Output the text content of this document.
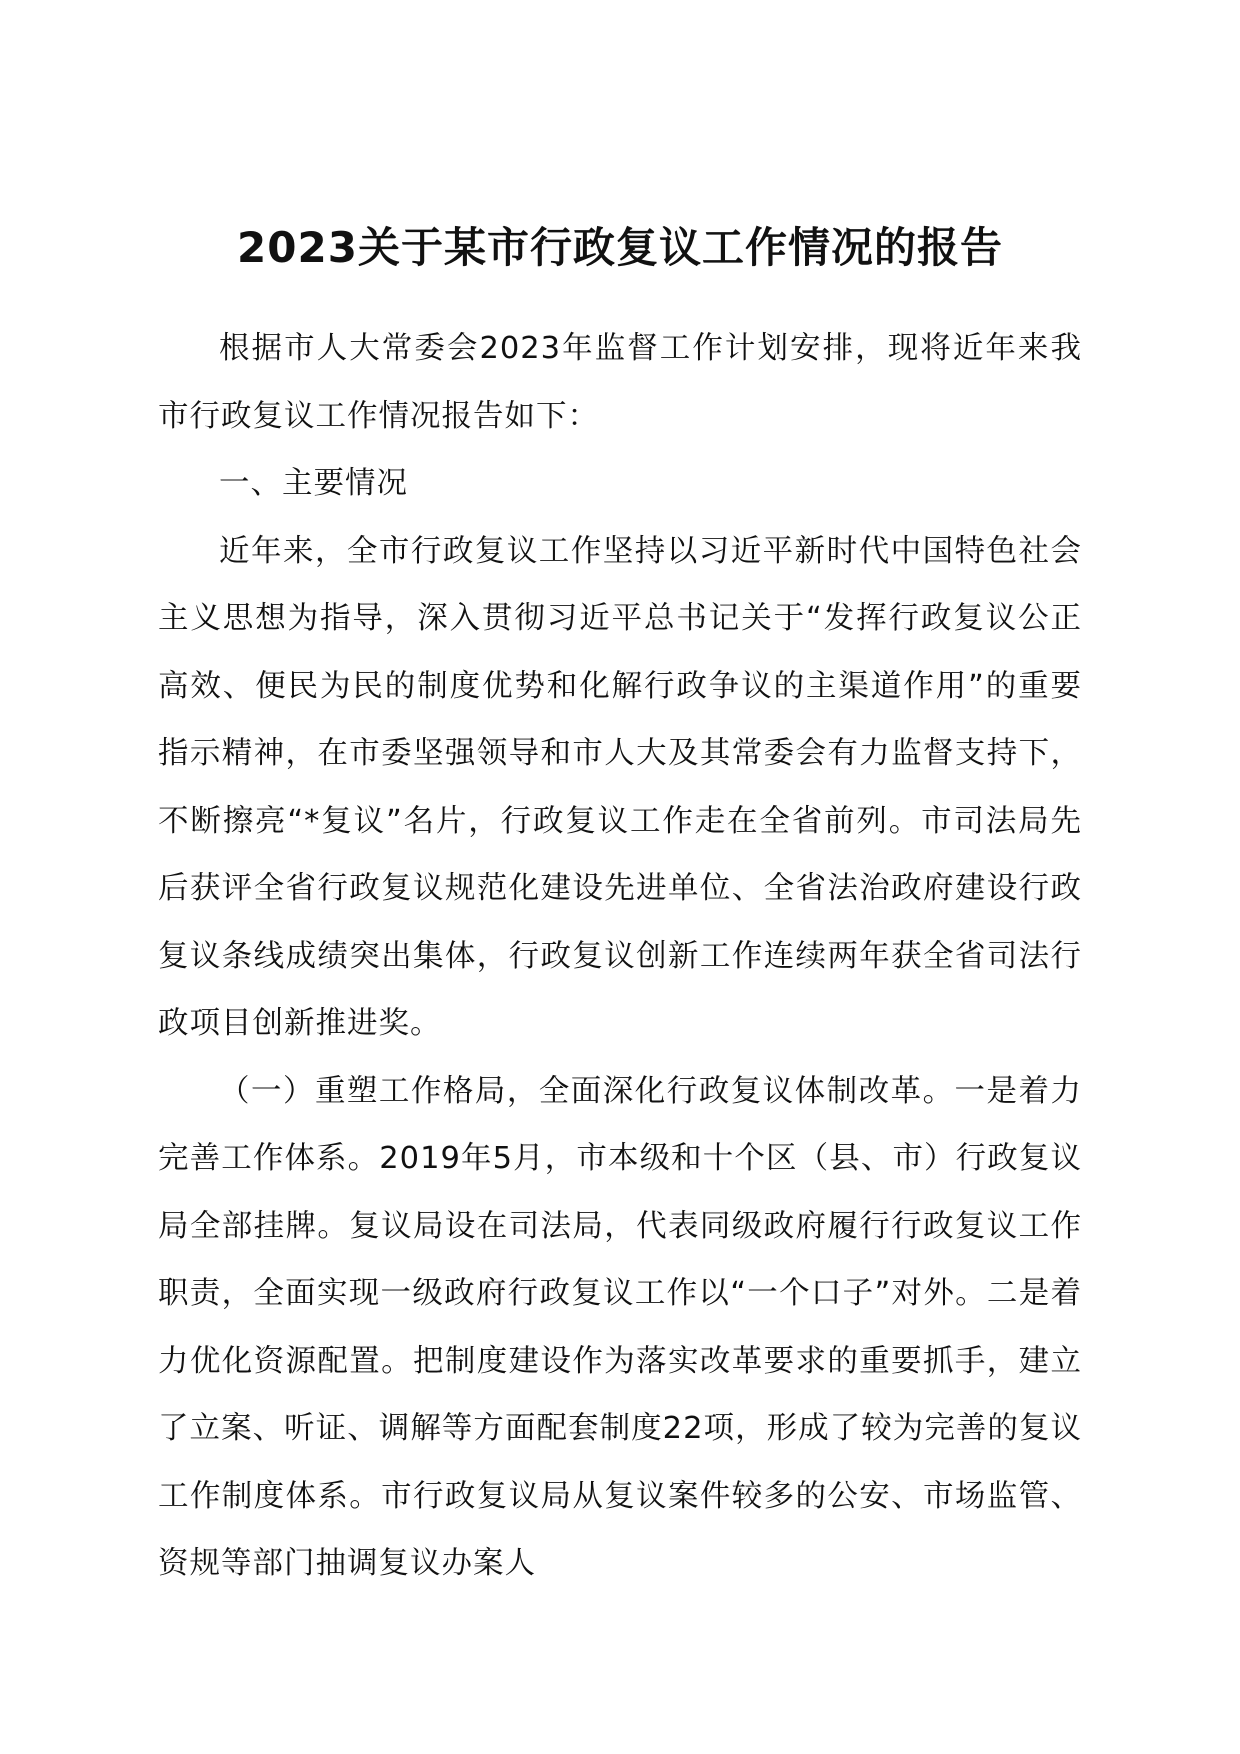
2023关于某市行政复议工作情况的报告

根据市人大常委会2023年监督工作计划安排，现将近年来我市行政复议工作情况报告如下：

一、主要情况

近年来，全市行政复议工作坚持以习近平新时代中国特色社会主义思想为指导，深入贯彻习近平总书记关于“发挥行政复议公正高效、便民为民的制度优势和化解行政争议的主渠道作用”的重要指示精神，在市委坚强领导和市人大及其常委会有力监督支持下，不断擦亮“*复议”名片，行政复议工作走在全省前列。市司法局先后获评全省行政复议规范化建设先进单位、全省法治政府建设行政复议条线成绩突出集体，行政复议创新工作连续两年获全省司法行政项目创新推进奖。

（一）重塑工作格局，全面深化行政复议体制改革。一是着力完善工作体系。2019年5月，市本级和十个区（县、市）行政复议局全部挂牌。复议局设在司法局，代表同级政府履行行政复议工作职责，全面实现一级政府行政复议工作以“一个口子”对外。二是着力优化资源配置。把制度建设作为落实改革要求的重要抓手，建立了立案、听证、调解等方面配套制度22项，形成了较为完善的复议工作制度体系。市行政复议局从复议案件较多的公安、市场监管、资规等部门抽调复议办案人
